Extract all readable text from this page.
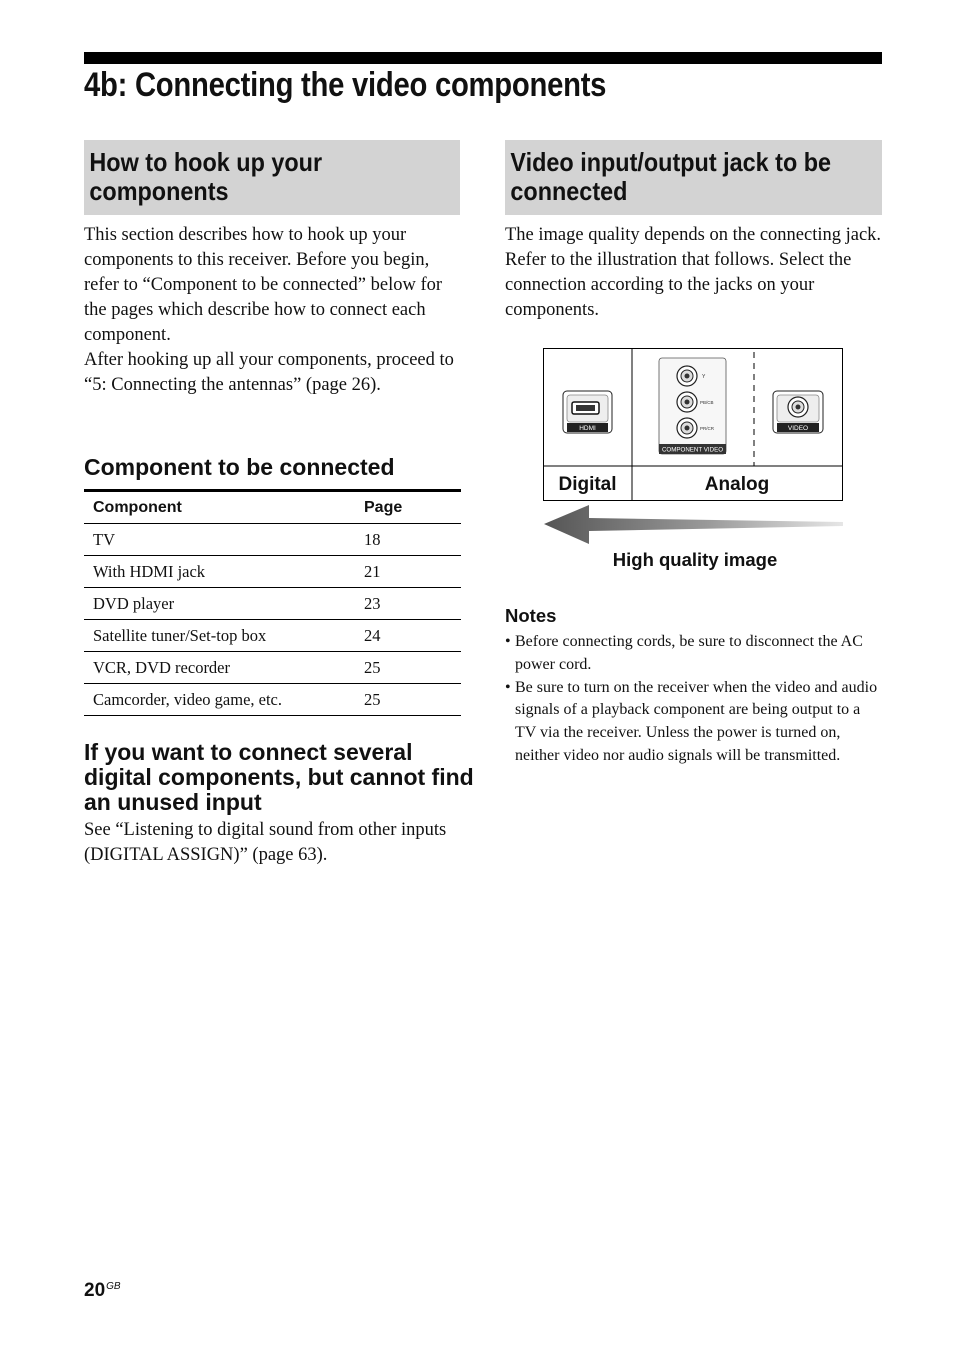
4b: Connecting the video components
How to hook up your components

This section describes how to hook up your components to this receiver. Before you begin, refer to “Component to be connected” below for the pages which describe how to connect each component.

After hooking up all your components, proceed to “5: Connecting the antennas” (page 26).

Component to be connected
Component	Page
TV	18
With HDMI jack	21
DVD player	23
Satellite tuner/Set-top box	24
VCR, DVD recorder	25
Camcorder, video game, etc.	25
If you want to connect several digital components, but cannot find an unused input

See “Listening to digital sound from other inputs (DIGITAL ASSIGN)” (page 63).

Video input/output jack to be connected

The image quality depends on the connecting jack. Refer to the illustration that follows. Select the connection according to the jacks on your components.

HDMI
Y
PB/CB
PR/CR
COMPONENT VIDEO
VIDEO
Digital	Analog
High quality image
Notes
• Before connecting cords, be sure to disconnect the AC power cord.
• Be sure to turn on the receiver when the video and audio signals of a playback component are being output to a TV via the receiver. Unless the power is turned on, neither video nor audio signals will be transmitted.
$20^{GB}$
